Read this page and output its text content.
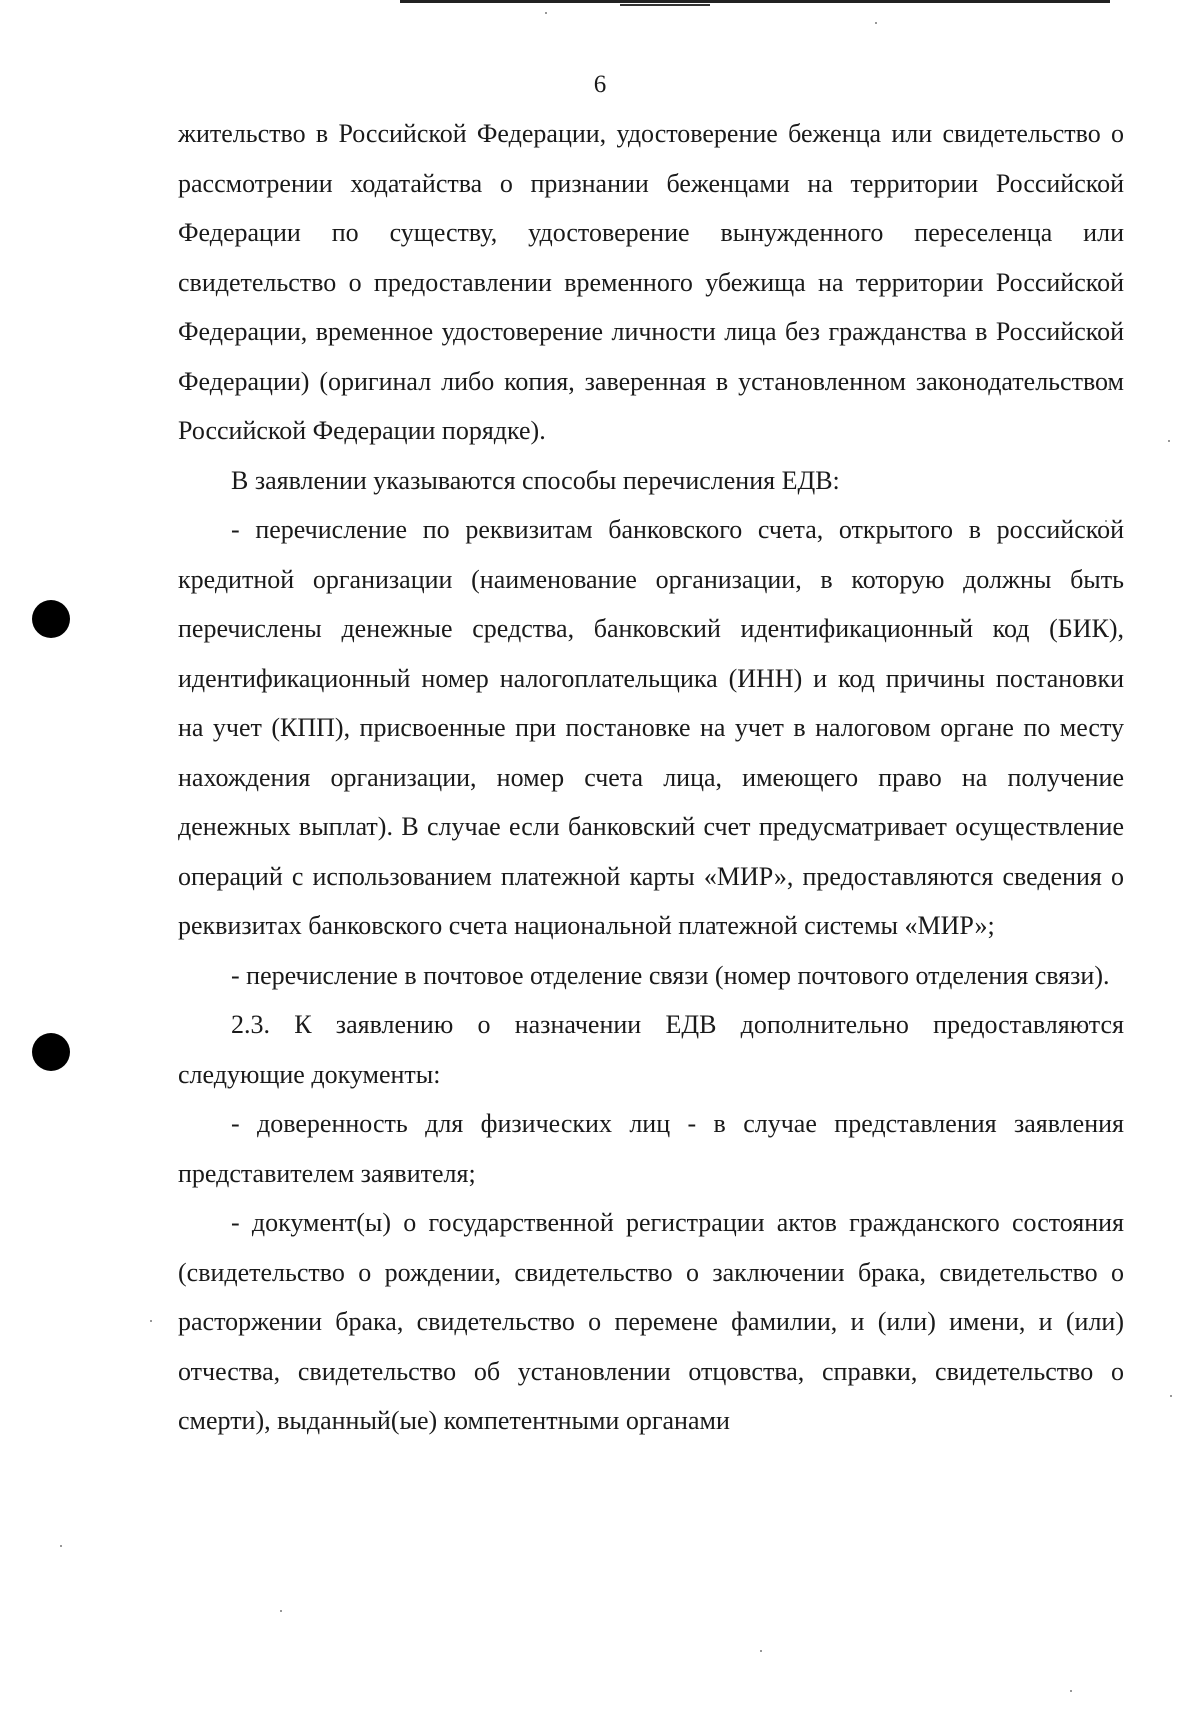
6

жительство в Российской Федерации, удостоверение беженца или свидетельство о рассмотрении ходатайства о признании беженцами на территории Российской Федерации по существу, удостоверение вынужденного переселенца или свидетельство о предоставлении временного убежища на территории Российской Федерации, временное удостоверение личности лица без гражданства в Российской Федерации) (оригинал либо копия, заверенная в установленном законодательством Российской Федерации порядке).

В заявлении указываются способы перечисления ЕДВ:

- перечисление по реквизитам банковского счета, открытого в российской кредитной организации (наименование организации, в которую должны быть перечислены денежные средства, банковский идентификационный код (БИК), идентификационный номер налогоплательщика (ИНН) и код причины постановки на учет (КПП), присвоенные при постановке на учет в налоговом органе по месту нахождения организации, номер счета лица, имеющего право на получение денежных выплат). В случае если банковский счет предусматривает осуществление операций с использованием платежной карты «МИР», предоставляются сведения о реквизитах банковского счета национальной платежной системы «МИР»;

- перечисление в почтовое отделение связи (номер почтового отделения связи).

2.3. К заявлению о назначении ЕДВ дополнительно предоставляются следующие документы:

- доверенность для физических лиц - в случае представления заявления представителем заявителя;

- документ(ы) о государственной регистрации актов гражданского состояния (свидетельство о рождении, свидетельство о заключении брака, свидетельство о расторжении брака, свидетельство о перемене фамилии, и (или) имени, и (или) отчества, свидетельство об установлении отцовства, справки, свидетельство о смерти), выданный(ые) компетентными органами
